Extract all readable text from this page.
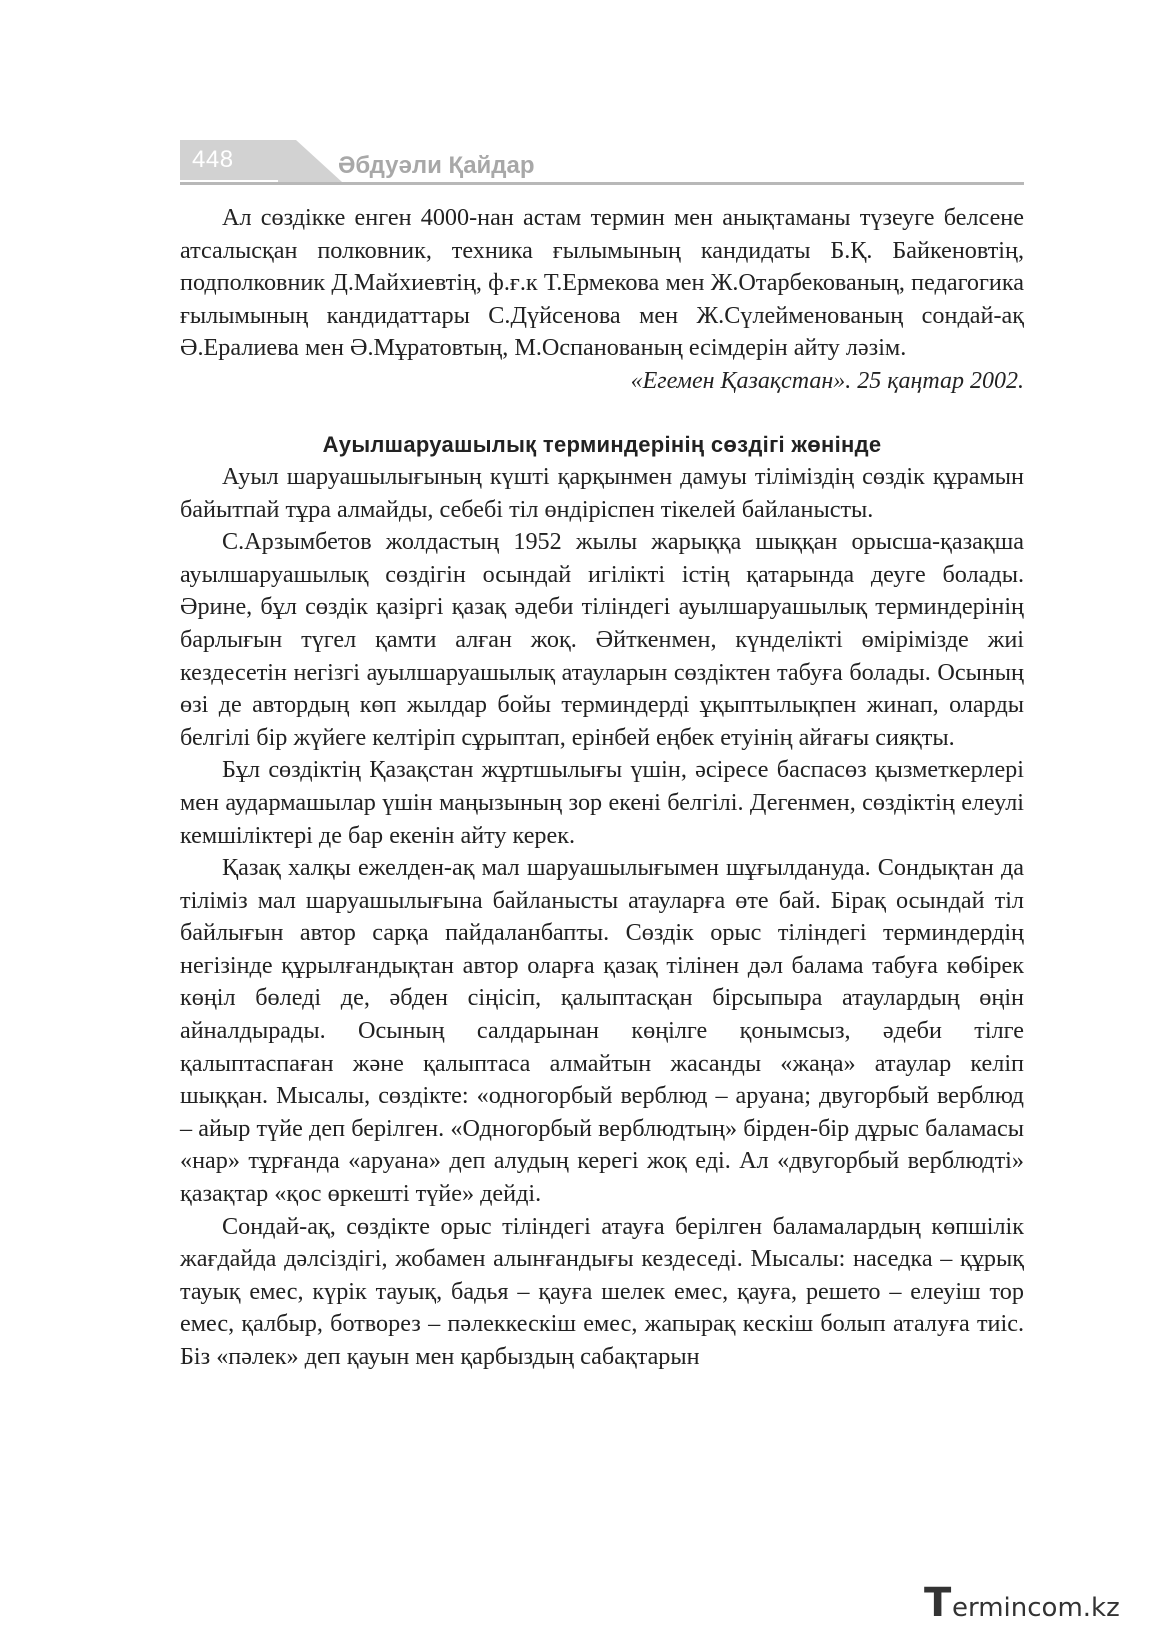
448	Әбдуәли Қайдар

Ал сөздікке енген 4000-нан астам термин мен анықтаманы түзеуге белсене атсалысқан полковник, техника ғылымының кандидаты Б.Қ. Байкеновтің, подполковник Д.Майхиевтің, ф.ғ.к Т.Ермекова мен Ж.Отарбекованың, педагогика ғылымының кандидаттары С.Дүйсенова мен Ж.Сүлейменованың сондай-ақ Ә.Ералиева мен Ә.Мұратовтың, М.Оспанованың есімдерін айту ләзім.

«Егемен Қазақстан». 25 қаңтар 2002.

Ауылшаруашылық терминдерінің сөздігі жөнінде

Ауыл шаруашылығының күшті қарқынмен дамуы тіліміздің сөздік құрамын байытпай тұра алмайды, себебі тіл өндіріспен тікелей байланысты.

С.Арзымбетов жолдастың 1952 жылы жарыққа шыққан орысша-қазақша ауылшаруашылық сөздігін осындай игілікті істің қатарында деуге болады. Әрине, бұл сөздік қазіргі қазақ әдеби тіліндегі ауылшаруашылық терминдерінің барлығын түгел қамти алған жоқ. Әйткенмен, күнделікті өмірімізде жиі кездесетін негізгі ауылшаруашылық атауларын сөздіктен табуға болады. Осының өзі де автордың көп жылдар бойы терминдерді ұқыптылықпен жинап, оларды белгілі бір жүйеге келтіріп сұрыптап, ерінбей еңбек етуінің айғағы сияқты.

Бұл сөздіктің Қазақстан жұртшылығы үшін, әсіресе баспасөз қызметкерлері мен аудармашылар үшін маңызының зор екені белгілі. Дегенмен, сөздіктің елеулі кемшіліктері де бар екенін айту керек.

Қазақ халқы ежелден-ақ мал шаруашылығымен шұғылдануда. Сондықтан да тіліміз мал шаруашылығына байланысты атауларға өте бай. Бірақ осындай тіл байлығын автор сарқа пайдаланбапты. Сөздік орыс тіліндегі терминдердің негізінде құрылғандықтан автор оларға қазақ тілінен дәл балама табуға көбірек көңіл бөледі де, әбден сіңісіп, қалыптасқан бірсыпыра атаулардың өңін айналдырады. Осының салдарынан көңілге қонымсыз, әдеби тілге қалыптаспаған және қалыптаса алмайтын жасанды «жаңа» атаулар келіп шыққан. Мысалы, сөздікте: «одногорбый верблюд – аруана; двугорбый верблюд – айыр түйе деп берілген. «Одногорбый верблюдтың» бірден-бір дұрыс баламасы «нар» тұрғанда «аруана» деп алудың керегі жоқ еді. Ал «двугорбый верблюдті» қазақтар «қос өркешті түйе» дейді.

Сондай-ақ, сөздікте орыс тіліндегі атауға берілген баламалардың көпшілік жағдайда дәлсіздігі, жобамен алынғандығы кездеседі. Мысалы: наседка – құрық тауық емес, күрік тауық, бадья – қауға шелек емес, қауға, решето – елеуіш тор емес, қалбыр, ботворез – пәлеккескіш емес, жапырақ кескіш болып аталуға тиіс. Біз «пәлек» деп қауын мен қарбыздың сабақтарын

T ermincom.kz
